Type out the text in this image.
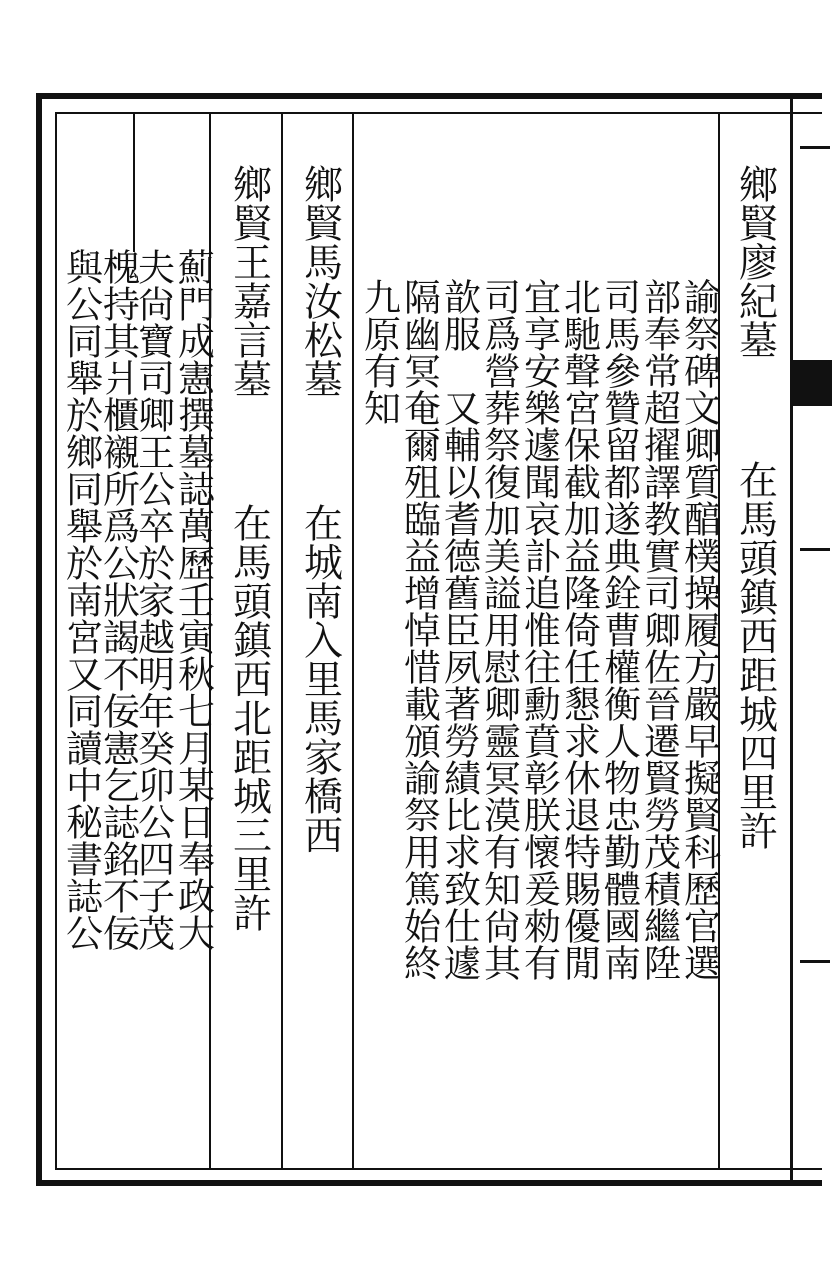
鄉賢廖紀墓
在馬頭鎮西距城四里許
諭祭碑文卿質醕樸操履方嚴早擬賢科歷官選
部奉常超擢譯教實司卿佐晉遷賢勞茂積繼陞
司馬參贊留都遂典銓曹權衡人物忠勤體國南
北馳聲宮保截加益隆倚任懇求休退特賜優閒
宜享安樂遽聞哀訃追惟往勳賁彰朕懷爰勑有
司爲營葬祭復加美謚用慰卿靈冥漠有知尙其
歆服　又輔以耆德舊臣夙著勞績比求致仕遽
隔幽冥奄爾殂臨益增悼惜載頒諭祭用篤始終
九原有知
鄉賢馬汝松墓
在城南入里馬家橋西
鄉賢王嘉言墓
在馬頭鎮西北距城三里許
薊門成憲撰墓誌萬歷壬寅秋七月某日奉政大
夫尙寶司卿王公卒於家越明年癸卯公四子茂
槐持其爿櫃襯所爲公狀謁不佞憲乞誌銘不佞
與公同舉於鄉同舉於南宮又同讀中秘書誌公
